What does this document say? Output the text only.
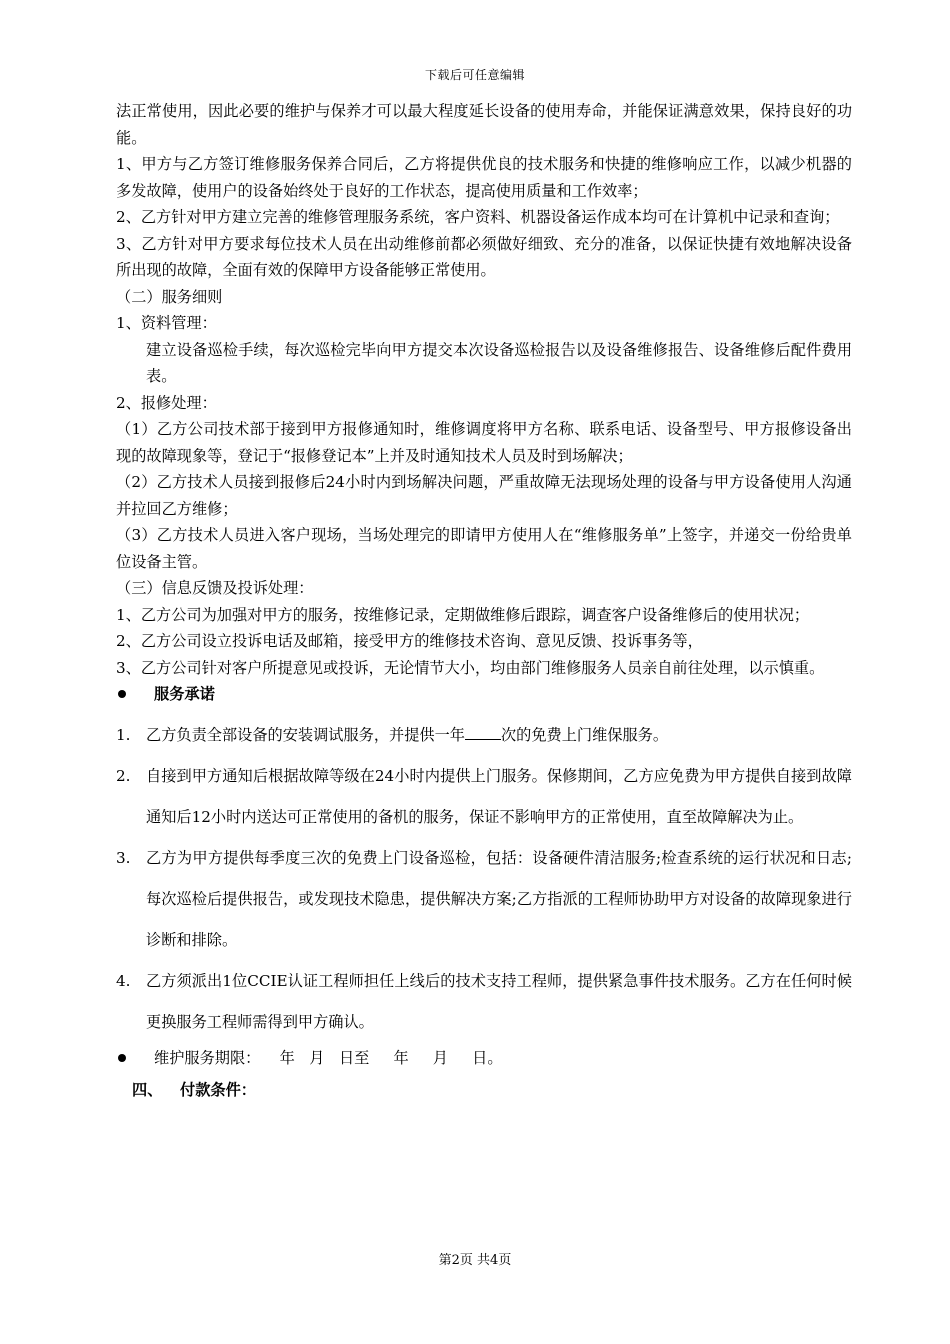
下载后可任意编辑

法正常使用，因此必要的维护与保养才可以最大程度延长设备的使用寿命，并能保证满意效果，保持良好的功能。

1、甲方与乙方签订维修服务保养合同后，乙方将提供优良的技术服务和快捷的维修响应工作，以减少机器的多发故障，使用户的设备始终处于良好的工作状态，提高使用质量和工作效率；

2、乙方针对甲方建立完善的维修管理服务系统，客户资料、机器设备运作成本均可在计算机中记录和查询；

3、乙方针对甲方要求每位技术人员在出动维修前都必须做好细致、充分的准备，以保证快捷有效地解决设备所出现的故障，全面有效的保障甲方设备能够正常使用。

（二）服务细则

1、资料管理：

建立设备巡检手续，每次巡检完毕向甲方提交本次设备巡检报告以及设备维修报告、设备维修后配件费用表。

2、报修处理：

（1）乙方公司技术部于接到甲方报修通知时，维修调度将甲方名称、联系电话、设备型号、甲方报修设备出现的故障现象等，登记于“报修登记本”上并及时通知技术人员及时到场解决；

（2）乙方技术人员接到报修后24小时内到场解决问题，严重故障无法现场处理的设备与甲方设备使用人沟通并拉回乙方维修；

（3）乙方技术人员进入客户现场，当场处理完的即请甲方使用人在“维修服务单”上签字，并递交一份给贵单位设备主管。

（三）信息反馈及投诉处理：

1、乙方公司为加强对甲方的服务，按维修记录，定期做维修后跟踪，调查客户设备维修后的使用状况；

2、乙方公司设立投诉电话及邮箱，接受甲方的维修技术咨询、意见反馈、投诉事务等，

3、乙方公司针对客户所提意见或投诉，无论情节大小，均由部门维修服务人员亲自前往处理，以示慎重。

服务承诺
1. 乙方负责全部设备的安装调试服务，并提供一年 次的免费上门维保服务。
2. 自接到甲方通知后根据故障等级在24小时内提供上门服务。保修期间，乙方应免费为甲方提供自接到故障通知后12小时内送达可正常使用的备机的服务，保证不影响甲方的正常使用，直至故障解决为止。
3. 乙方为甲方提供每季度三次的免费上门设备巡检，包括：设备硬件清洁服务;检查系统的运行状况和日志;每次巡检后提供报告，或发现技术隐患，提供解决方案;乙方指派的工程师协助甲方对设备的故障现象进行诊断和排除。
4. 乙方须派出1位CCIE认证工程师担任上线后的技术支持工程师，提供紧急事件技术服务。乙方在任何时候更换服务工程师需得到甲方确认。
维护服务期限：    年   月   日至     年     月     日。
四、 付款条件：
第2页 共4页
